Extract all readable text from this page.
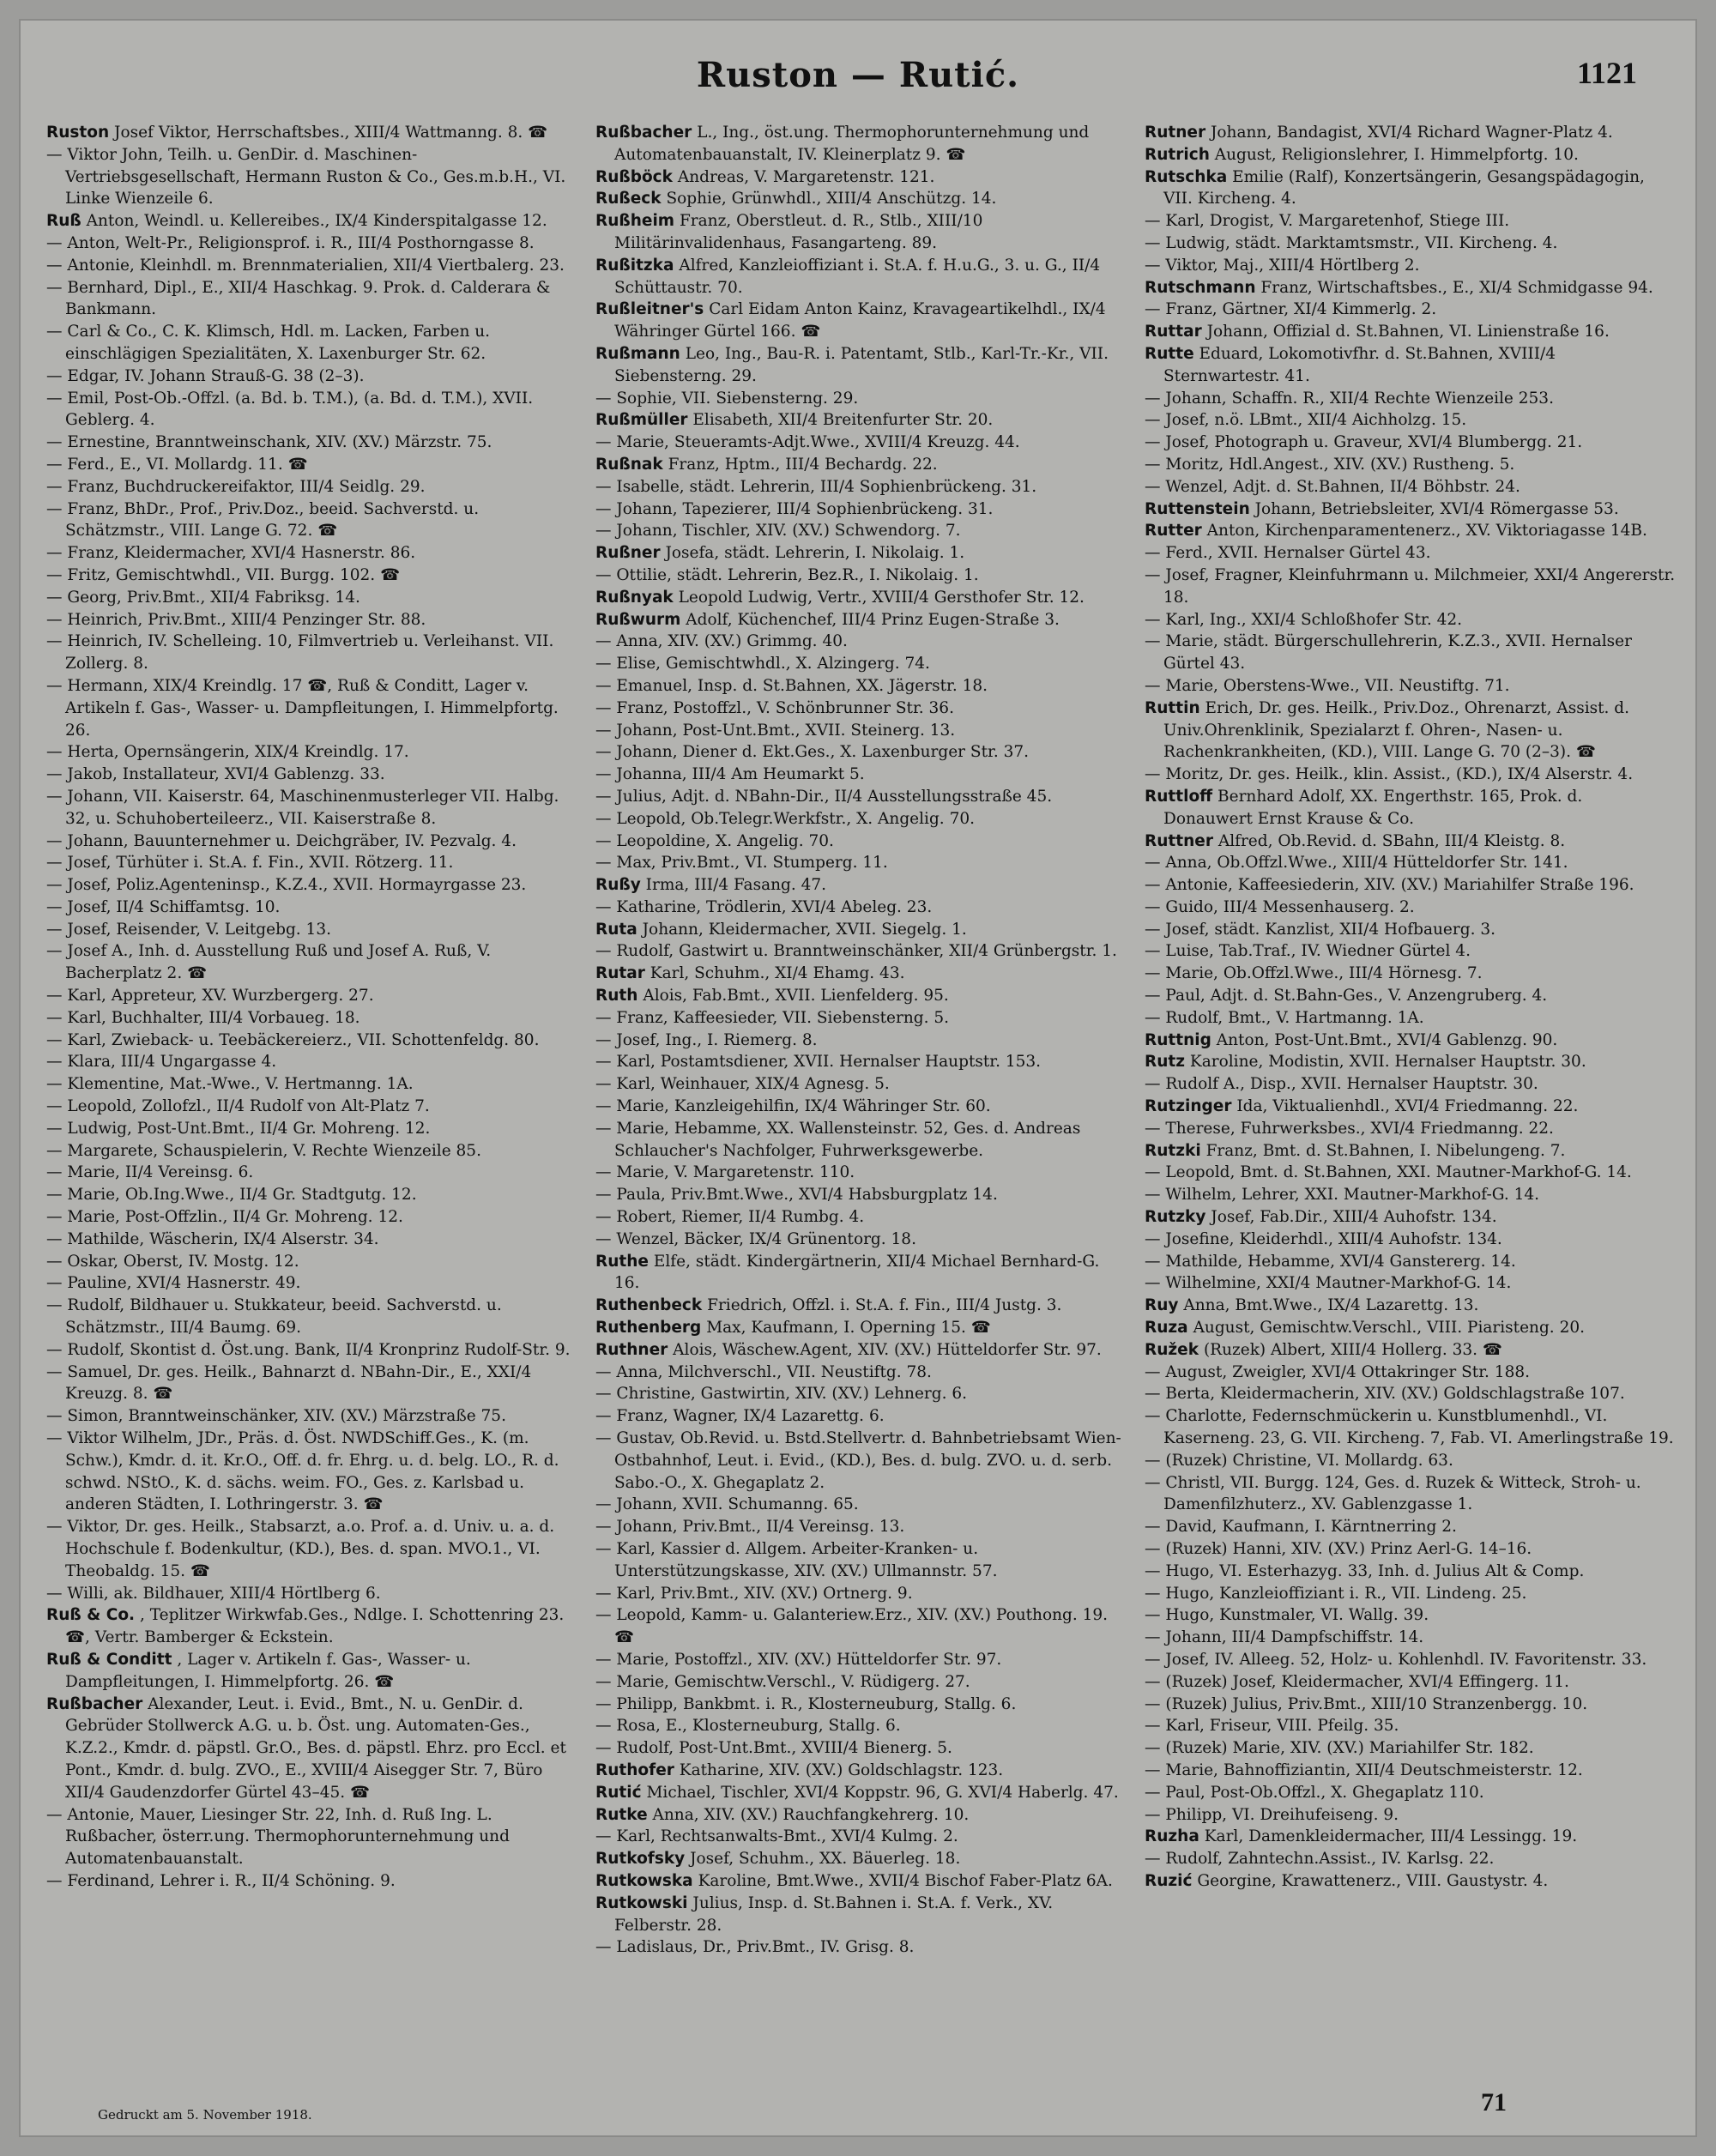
Ruston — Rutić.	1121
Ruston Josef Viktor, Herrschaftsbes., XIII/4 Wattmanng. 8. ☎
— Viktor John, Teilh. u. GenDir. d. Maschinen-Vertriebsgesellschaft, Hermann Ruston & Co., Ges.m.b.H., VI. Linke Wienzeile 6.
Ruß Anton, Weindl. u. Kellereibes., IX/4 Kinderspitalgasse 12.
— Anton, Welt-Pr., Religionsprof. i. R., III/4 Posthorngasse 8.
— Antonie, Kleinhdl. m. Brennmaterialien, XII/4 Viertbalerg. 23.
— Bernhard, Dipl., E., XII/4 Haschkag. 9. Prok. d. Calderara & Bankmann.
— Carl & Co., C. K. Klimsch, Hdl. m. Lacken, Farben u. einschlägigen Spezialitäten, X. Laxenburger Str. 62.
— Edgar, IV. Johann Strauß-G. 38 (2–3).
— Emil, Post-Ob.-Offzl. (a. Bd. b. T.M.), (a. Bd. d. T.M.), XVII. Geblerg. 4.
— Ernestine, Branntweinschank, XIV. (XV.) Märzstr. 75.
— Ferd., E., VI. Mollardg. 11. ☎
— Franz, Buchdruckereifaktor, III/4 Seidlg. 29.
— Franz, BhDr., Prof., Priv.Doz., beeid. Sachverstd. u. Schätzmstr., VIII. Lange G. 72. ☎
— Franz, Kleidermacher, XVI/4 Hasnerstr. 86.
— Fritz, Gemischtwhdl., VII. Burgg. 102. ☎
— Georg, Priv.Bmt., XII/4 Fabriksg. 14.
— Heinrich, Priv.Bmt., XIII/4 Penzinger Str. 88.
— Heinrich, IV. Schelleing. 10, Filmvertrieb u. Verleihanst. VII. Zollerg. 8.
— Hermann, XIX/4 Kreindlg. 17 ☎, Ruß & Conditt, Lager v. Artikeln f. Gas-, Wasser- u. Dampfleitungen, I. Himmelpfortg. 26.
— Herta, Opernsängerin, XIX/4 Kreindlg. 17.
— Jakob, Installateur, XVI/4 Gablenzg. 33.
— Johann, VII. Kaiserstr. 64, Maschinenmusterleger VII. Halbg. 32, u. Schuhoberteileerz., VII. Kaiserstraße 8.
— Johann, Bauunternehmer u. Deichgräber, IV. Pezvalg. 4.
— Josef, Türhüter i. St.A. f. Fin., XVII. Rötzerg. 11.
— Josef, Poliz.Agenteninsp., K.Z.4., XVII. Hormayrgasse 23.
— Josef, II/4 Schiffamtsg. 10.
— Josef, Reisender, V. Leitgebg. 13.
— Josef A., Inh. d. Ausstellung Ruß und Josef A. Ruß, V. Bacherplatz 2. ☎
— Karl, Appreteur, XV. Wurzbergerg. 27.
— Karl, Buchhalter, III/4 Vorbaueg. 18.
— Karl, Zwieback- u. Teebäckereierz., VII. Schottenfeldg. 80.
— Klara, III/4 Ungargasse 4.
— Klementine, Mat.-Wwe., V. Hertmanng. 1A.
— Leopold, Zollofzl., II/4 Rudolf von Alt-Platz 7.
— Ludwig, Post-Unt.Bmt., II/4 Gr. Mohreng. 12.
— Margarete, Schauspielerin, V. Rechte Wienzeile 85.
— Marie, II/4 Vereinsg. 6.
— Marie, Ob.Ing.Wwe., II/4 Gr. Stadtgutg. 12.
— Marie, Post-Offzlin., II/4 Gr. Mohreng. 12.
— Mathilde, Wäscherin, IX/4 Alserstr. 34.
— Oskar, Oberst, IV. Mostg. 12.
— Pauline, XVI/4 Hasnerstr. 49.
— Rudolf, Bildhauer u. Stukkateur, beeid. Sachverstd. u. Schätzmstr., III/4 Baumg. 69.
— Rudolf, Skontist d. Öst.ung. Bank, II/4 Kronprinz Rudolf-Str. 9.
— Samuel, Dr. ges. Heilk., Bahnarzt d. NBahn-Dir., E., XXI/4 Kreuzg. 8. ☎
— Simon, Branntweinschänker, XIV. (XV.) Märzstraße 75.
— Viktor Wilhelm, JDr., Präs. d. Öst. NWDSchiff.Ges., K. (m. Schw.), Kmdr. d. it. Kr.O., Off. d. fr. Ehrg. u. d. belg. LO., R. d. schwd. NStO., K. d. sächs. weim. FO., Ges. z. Karlsbad u. anderen Städten, I. Lothringerstr. 3. ☎
— Viktor, Dr. ges. Heilk., Stabsarzt, a.o. Prof. a. d. Univ. u. a. d. Hochschule f. Bodenkultur, (KD.), Bes. d. span. MVO.1., VI. Theobaldg. 15. ☎
— Willi, ak. Bildhauer, XIII/4 Hörtlberg 6.
Ruß & Co. , Teplitzer Wirkwfab.Ges., Ndlge. I. Schottenring 23. ☎, Vertr. Bamberger & Eckstein.
Ruß & Conditt , Lager v. Artikeln f. Gas-, Wasser- u. Dampfleitungen, I. Himmelpfortg. 26. ☎
Rußbacher Alexander, Leut. i. Evid., Bmt., N. u. GenDir. d. Gebrüder Stollwerck A.G. u. b. Öst. ung. Automaten-Ges., K.Z.2., Kmdr. d. päpstl. Gr.O., Bes. d. päpstl. Ehrz. pro Eccl. et Pont., Kmdr. d. bulg. ZVO., E., XVIII/4 Aisegger Str. 7, Büro XII/4 Gaudenzdorfer Gürtel 43–45. ☎
— Antonie, Mauer, Liesinger Str. 22, Inh. d. Ruß Ing. L. Rußbacher, österr.ung. Thermophorunternehmung und Automatenbauanstalt.
— Ferdinand, Lehrer i. R., II/4 Schöning. 9.
Rußbacher L., Ing., öst.ung. Thermophorunternehmung und Automatenbauanstalt, IV. Kleinerplatz 9. ☎
Rußböck Andreas, V. Margaretenstr. 121.
Rußeck Sophie, Grünwhdl., XIII/4 Anschützg. 14.
Rußheim Franz, Oberstleut. d. R., Stlb., XIII/10 Militärinvalidenhaus, Fasangarteng. 89.
Rußitzka Alfred, Kanzleioffiziant i. St.A. f. H.u.G., 3. u. G., II/4 Schüttaustr. 70.
Rußleitner's Carl Eidam Anton Kainz, Kravageartikelhdl., IX/4 Währinger Gürtel 166. ☎
Rußmann Leo, Ing., Bau-R. i. Patentamt, Stlb., Karl-Tr.-Kr., VII. Siebensterng. 29.
— Sophie, VII. Siebensterng. 29.
Rußmüller Elisabeth, XII/4 Breitenfurter Str. 20.
— Marie, Steueramts-Adjt.Wwe., XVIII/4 Kreuzg. 44.
Rußnak Franz, Hptm., III/4 Bechardg. 22.
— Isabelle, städt. Lehrerin, III/4 Sophienbrückeng. 31.
— Johann, Tapezierer, III/4 Sophienbrückeng. 31.
— Johann, Tischler, XIV. (XV.) Schwendorg. 7.
Rußner Josefa, städt. Lehrerin, I. Nikolaig. 1.
— Ottilie, städt. Lehrerin, Bez.R., I. Nikolaig. 1.
Rußnyak Leopold Ludwig, Vertr., XVIII/4 Gersthofer Str. 12.
Rußwurm Adolf, Küchenchef, III/4 Prinz Eugen-Straße 3.
— Anna, XIV. (XV.) Grimmg. 40.
— Elise, Gemischtwhdl., X. Alzingerg. 74.
— Emanuel, Insp. d. St.Bahnen, XX. Jägerstr. 18.
— Franz, Postoffzl., V. Schönbrunner Str. 36.
— Johann, Post-Unt.Bmt., XVII. Steinerg. 13.
— Johann, Diener d. Ekt.Ges., X. Laxenburger Str. 37.
— Johanna, III/4 Am Heumarkt 5.
— Julius, Adjt. d. NBahn-Dir., II/4 Ausstellungsstraße 45.
— Leopold, Ob.Telegr.Werkfstr., X. Angelig. 70.
— Leopoldine, X. Angelig. 70.
— Max, Priv.Bmt., VI. Stumperg. 11.
Rußy Irma, III/4 Fasang. 47.
— Katharine, Trödlerin, XVI/4 Abeleg. 23.
Ruta Johann, Kleidermacher, XVII. Siegelg. 1.
— Rudolf, Gastwirt u. Branntweinschänker, XII/4 Grünbergstr. 1.
Rutar Karl, Schuhm., XI/4 Ehamg. 43.
Ruth Alois, Fab.Bmt., XVII. Lienfelderg. 95.
— Franz, Kaffeesieder, VII. Siebensterng. 5.
— Josef, Ing., I. Riemerg. 8.
— Karl, Postamtsdiener, XVII. Hernalser Hauptstr. 153.
— Karl, Weinhauer, XIX/4 Agnesg. 5.
— Marie, Kanzleigehilfin, IX/4 Währinger Str. 60.
— Marie, Hebamme, XX. Wallensteinstr. 52, Ges. d. Andreas Schlaucher's Nachfolger, Fuhrwerksgewerbe.
— Marie, V. Margaretenstr. 110.
— Paula, Priv.Bmt.Wwe., XVI/4 Habsburgplatz 14.
— Robert, Riemer, II/4 Rumbg. 4.
— Wenzel, Bäcker, IX/4 Grünentorg. 18.
Ruthe Elfe, städt. Kindergärtnerin, XII/4 Michael Bernhard-G. 16.
Ruthenbeck Friedrich, Offzl. i. St.A. f. Fin., III/4 Justg. 3.
Ruthenberg Max, Kaufmann, I. Operning 15. ☎
Ruthner Alois, Wäschew.Agent, XIV. (XV.) Hütteldorfer Str. 97.
— Anna, Milchverschl., VII. Neustiftg. 78.
— Christine, Gastwirtin, XIV. (XV.) Lehnerg. 6.
— Franz, Wagner, IX/4 Lazarettg. 6.
— Gustav, Ob.Revid. u. Bstd.Stellvertr. d. Bahnbetriebsamt Wien-Ostbahnhof, Leut. i. Evid., (KD.), Bes. d. bulg. ZVO. u. d. serb. Sabo.-O., X. Ghegaplatz 2.
— Johann, XVII. Schumanng. 65.
— Johann, Priv.Bmt., II/4 Vereinsg. 13.
— Karl, Kassier d. Allgem. Arbeiter-Kranken- u. Unterstützungskasse, XIV. (XV.) Ullmannstr. 57.
— Karl, Priv.Bmt., XIV. (XV.) Ortnerg. 9.
— Leopold, Kamm- u. Galanteriew.Erz., XIV. (XV.) Pouthong. 19. ☎
— Marie, Postoffzl., XIV. (XV.) Hütteldorfer Str. 97.
— Marie, Gemischtw.Verschl., V. Rüdigerg. 27.
— Philipp, Bankbmt. i. R., Klosterneuburg, Stallg. 6.
— Rosa, E., Klosterneuburg, Stallg. 6.
— Rudolf, Post-Unt.Bmt., XVIII/4 Bienerg. 5.
Ruthofer Katharine, XIV. (XV.) Goldschlagstr. 123.
Rutić Michael, Tischler, XVI/4 Koppstr. 96, G. XVI/4 Haberlg. 47.
Rutke Anna, XIV. (XV.) Rauchfangkehrerg. 10.
— Karl, Rechtsanwalts-Bmt., XVI/4 Kulmg. 2.
Rutkofsky Josef, Schuhm., XX. Bäuerleg. 18.
Rutkowska Karoline, Bmt.Wwe., XVII/4 Bischof Faber-Platz 6A.
Rutkowski Julius, Insp. d. St.Bahnen i. St.A. f. Verk., XV. Felberstr. 28.
— Ladislaus, Dr., Priv.Bmt., IV. Grisg. 8.
Rutner Johann, Bandagist, XVI/4 Richard Wagner-Platz 4.
Rutrich August, Religionslehrer, I. Himmelpfortg. 10.
Rutschka Emilie (Ralf), Konzertsängerin, Gesangspädagogin, VII. Kircheng. 4.
— Karl, Drogist, V. Margaretenhof, Stiege III.
— Ludwig, städt. Marktamtsmstr., VII. Kircheng. 4.
— Viktor, Maj., XIII/4 Hörtlberg 2.
Rutschmann Franz, Wirtschaftsbes., E., XI/4 Schmidgasse 94.
— Franz, Gärtner, XI/4 Kimmerlg. 2.
Ruttar Johann, Offizial d. St.Bahnen, VI. Linienstraße 16.
Rutte Eduard, Lokomotivfhr. d. St.Bahnen, XVIII/4 Sternwartestr. 41.
— Johann, Schaffn. R., XII/4 Rechte Wienzeile 253.
— Josef, n.ö. LBmt., XII/4 Aichholzg. 15.
— Josef, Photograph u. Graveur, XVI/4 Blumbergg. 21.
— Moritz, Hdl.Angest., XIV. (XV.) Rustheng. 5.
— Wenzel, Adjt. d. St.Bahnen, II/4 Böhbstr. 24.
Ruttenstein Johann, Betriebsleiter, XVI/4 Römergasse 53.
Rutter Anton, Kirchenparamentenerz., XV. Viktoriagasse 14B.
— Ferd., XVII. Hernalser Gürtel 43.
— Josef, Fragner, Kleinfuhrmann u. Milchmeier, XXI/4 Angererstr. 18.
— Karl, Ing., XXI/4 Schloßhofer Str. 42.
— Marie, städt. Bürgerschullehrerin, K.Z.3., XVII. Hernalser Gürtel 43.
— Marie, Oberstens-Wwe., VII. Neustiftg. 71.
Ruttin Erich, Dr. ges. Heilk., Priv.Doz., Ohrenarzt, Assist. d. Univ.Ohrenklinik, Spezialarzt f. Ohren-, Nasen- u. Rachenkrankheiten, (KD.), VIII. Lange G. 70 (2–3). ☎
— Moritz, Dr. ges. Heilk., klin. Assist., (KD.), IX/4 Alserstr. 4.
Ruttloff Bernhard Adolf, XX. Engerthstr. 165, Prok. d. Donauwert Ernst Krause & Co.
Ruttner Alfred, Ob.Revid. d. SBahn, III/4 Kleistg. 8.
— Anna, Ob.Offzl.Wwe., XIII/4 Hütteldorfer Str. 141.
— Antonie, Kaffeesiederin, XIV. (XV.) Mariahilfer Straße 196.
— Guido, III/4 Messenhauserg. 2.
— Josef, städt. Kanzlist, XII/4 Hofbauerg. 3.
— Luise, Tab.Traf., IV. Wiedner Gürtel 4.
— Marie, Ob.Offzl.Wwe., III/4 Hörnesg. 7.
— Paul, Adjt. d. St.Bahn-Ges., V. Anzengruberg. 4.
— Rudolf, Bmt., V. Hartmanng. 1A.
Ruttnig Anton, Post-Unt.Bmt., XVI/4 Gablenzg. 90.
Rutz Karoline, Modistin, XVII. Hernalser Hauptstr. 30.
— Rudolf A., Disp., XVII. Hernalser Hauptstr. 30.
Rutzinger Ida, Viktualienhdl., XVI/4 Friedmanng. 22.
— Therese, Fuhrwerksbes., XVI/4 Friedmanng. 22.
Rutzki Franz, Bmt. d. St.Bahnen, I. Nibelungeng. 7.
— Leopold, Bmt. d. St.Bahnen, XXI. Mautner-Markhof-G. 14.
— Wilhelm, Lehrer, XXI. Mautner-Markhof-G. 14.
Rutzky Josef, Fab.Dir., XIII/4 Auhofstr. 134.
— Josefine, Kleiderhdl., XIII/4 Auhofstr. 134.
— Mathilde, Hebamme, XVI/4 Ganstererg. 14.
— Wilhelmine, XXI/4 Mautner-Markhof-G. 14.
Ruy Anna, Bmt.Wwe., IX/4 Lazarettg. 13.
Ruza August, Gemischtw.Verschl., VIII. Piaristeng. 20.
Ružek (Ruzek) Albert, XIII/4 Hollerg. 33. ☎
— August, Zweigler, XVI/4 Ottakringer Str. 188.
— Berta, Kleidermacherin, XIV. (XV.) Goldschlagstraße 107.
— Charlotte, Federnschmückerin u. Kunstblumenhdl., VI. Kaserneng. 23, G. VII. Kircheng. 7, Fab. VI. Amerlingstraße 19.
— (Ruzek) Christine, VI. Mollardg. 63.
— Christl, VII. Burgg. 124, Ges. d. Ruzek & Witteck, Stroh- u. Damenfilzhuterz., XV. Gablenzgasse 1.
— David, Kaufmann, I. Kärntnerring 2.
— (Ruzek) Hanni, XIV. (XV.) Prinz Aerl-G. 14–16.
— Hugo, VI. Esterhazyg. 33, Inh. d. Julius Alt & Comp.
— Hugo, Kanzleioffiziant i. R., VII. Lindeng. 25.
— Hugo, Kunstmaler, VI. Wallg. 39.
— Johann, III/4 Dampfschiffstr. 14.
— Josef, IV. Alleeg. 52, Holz- u. Kohlenhdl. IV. Favoritenstr. 33.
— (Ruzek) Josef, Kleidermacher, XVI/4 Effingerg. 11.
— (Ruzek) Julius, Priv.Bmt., XIII/10 Stranzenbergg. 10.
— Karl, Friseur, VIII. Pfeilg. 35.
— (Ruzek) Marie, XIV. (XV.) Mariahilfer Str. 182.
— Marie, Bahnoffiziantin, XII/4 Deutschmeisterstr. 12.
— Paul, Post-Ob.Offzl., X. Ghegaplatz 110.
— Philipp, VI. Dreihufeiseng. 9.
Ruzha Karl, Damenkleidermacher, III/4 Lessingg. 19.
— Rudolf, Zahntechn.Assist., IV. Karlsg. 22.
Ruzić Georgine, Krawattenerz., VIII. Gaustystr. 4.
Gedruckt am 5. November 1918.	71
